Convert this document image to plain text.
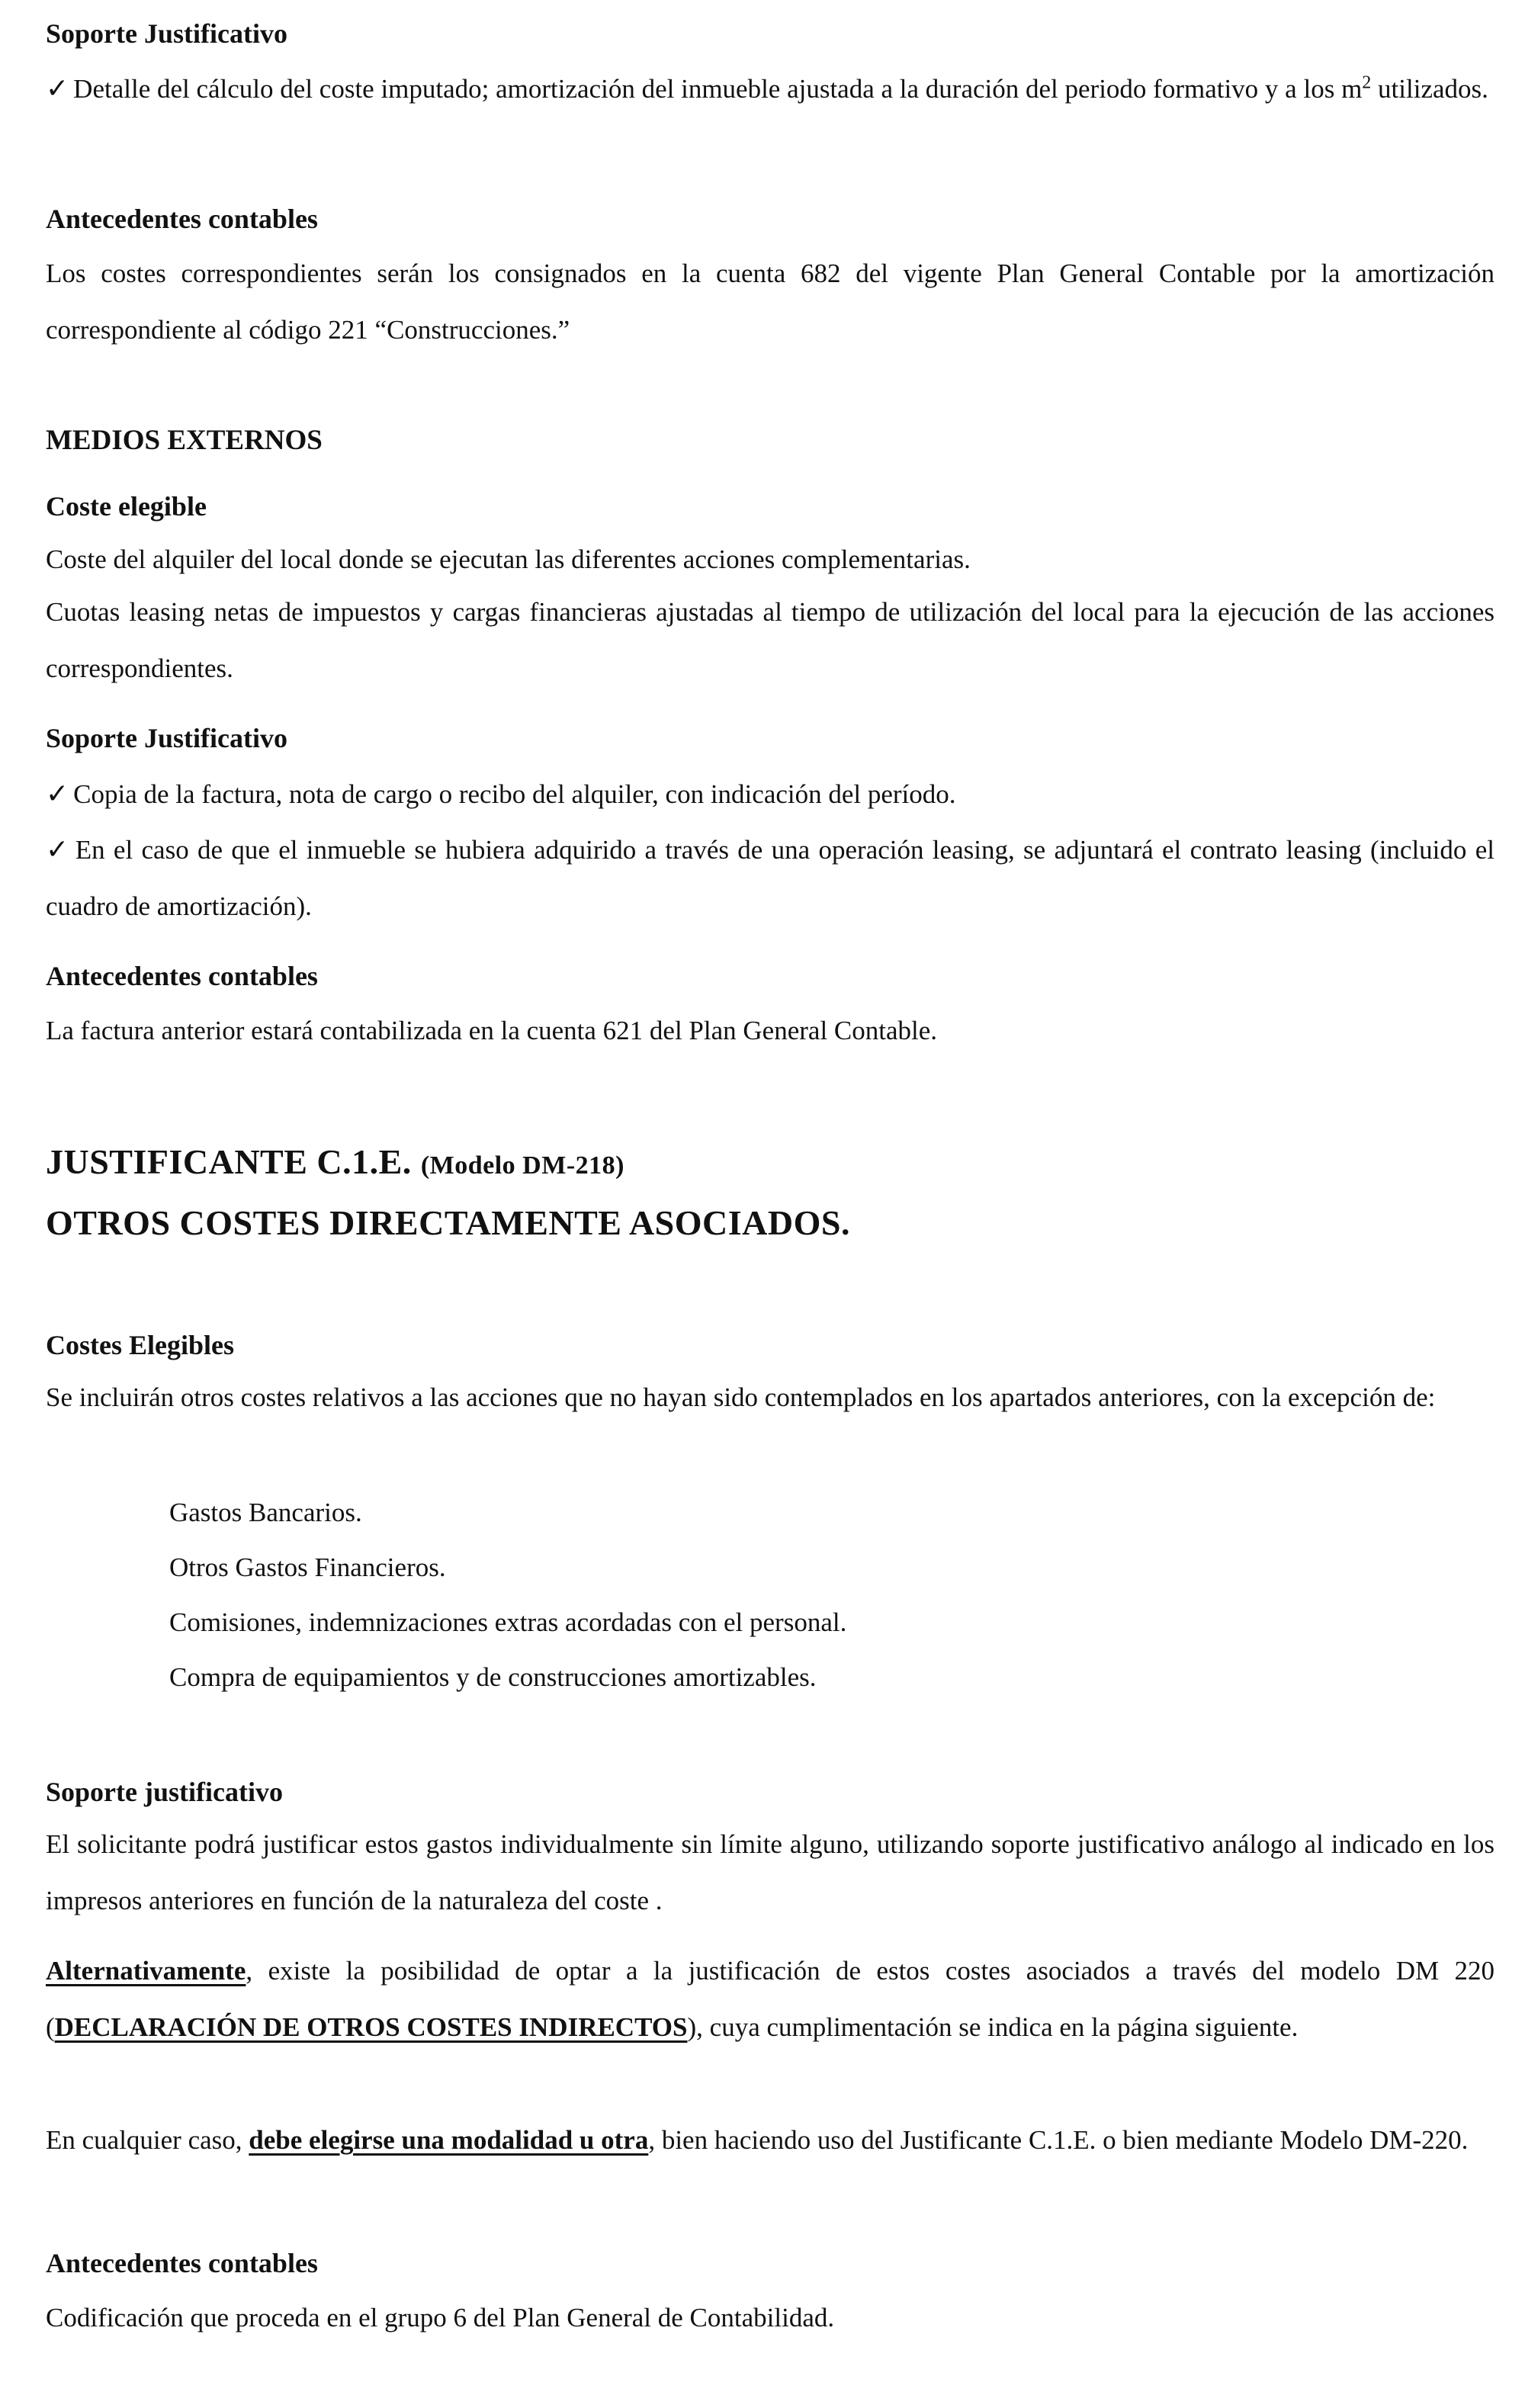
Soporte Justificativo

✓ Detalle del cálculo del coste imputado; amortización del inmueble ajustada a la duración del periodo formativo y a los $m^2$ utilizados.

Antecedentes contables

Los costes correspondientes serán los consignados en la cuenta 682 del vigente Plan General Contable por la amortización correspondiente al código 221 “Construcciones.”

MEDIOS EXTERNOS

Coste elegible

Coste del alquiler del local donde se ejecutan las diferentes acciones complementarias.

Cuotas leasing netas de impuestos y cargas financieras ajustadas al tiempo de utilización del local para la ejecución de las acciones correspondientes.

Soporte Justificativo

✓ Copia de la factura, nota de cargo o recibo del alquiler, con indicación del período.

✓ En el caso de que el inmueble se hubiera adquirido a través de una operación leasing, se adjuntará el contrato leasing (incluido el cuadro de amortización).

Antecedentes contables

La factura anterior estará contabilizada en la cuenta 621 del Plan General Contable.

JUSTIFICANTE C.1.E. (Modelo DM-218)

OTROS COSTES DIRECTAMENTE ASOCIADOS.

Costes Elegibles

Se incluirán otros costes relativos a las acciones que no hayan sido contemplados en los apartados anteriores, con la excepción de:

Gastos Bancarios.

Otros Gastos Financieros.

Comisiones, indemnizaciones extras acordadas con el personal.

Compra de equipamientos y de construcciones amortizables.

Soporte justificativo

El solicitante podrá justificar estos gastos individualmente sin límite alguno, utilizando soporte justificativo análogo al indicado en los impresos anteriores en función de la naturaleza del coste .

Alternativamente, existe la posibilidad de optar a la justificación de estos costes asociados a través del modelo DM 220 (DECLARACIÓN DE OTROS COSTES INDIRECTOS), cuya cumplimentación se indica en la página siguiente.

En cualquier caso, debe elegirse una modalidad u otra, bien haciendo uso del Justificante C.1.E. o bien mediante Modelo DM-220.

Antecedentes contables

Codificación que proceda en el grupo 6 del Plan General de Contabilidad.
